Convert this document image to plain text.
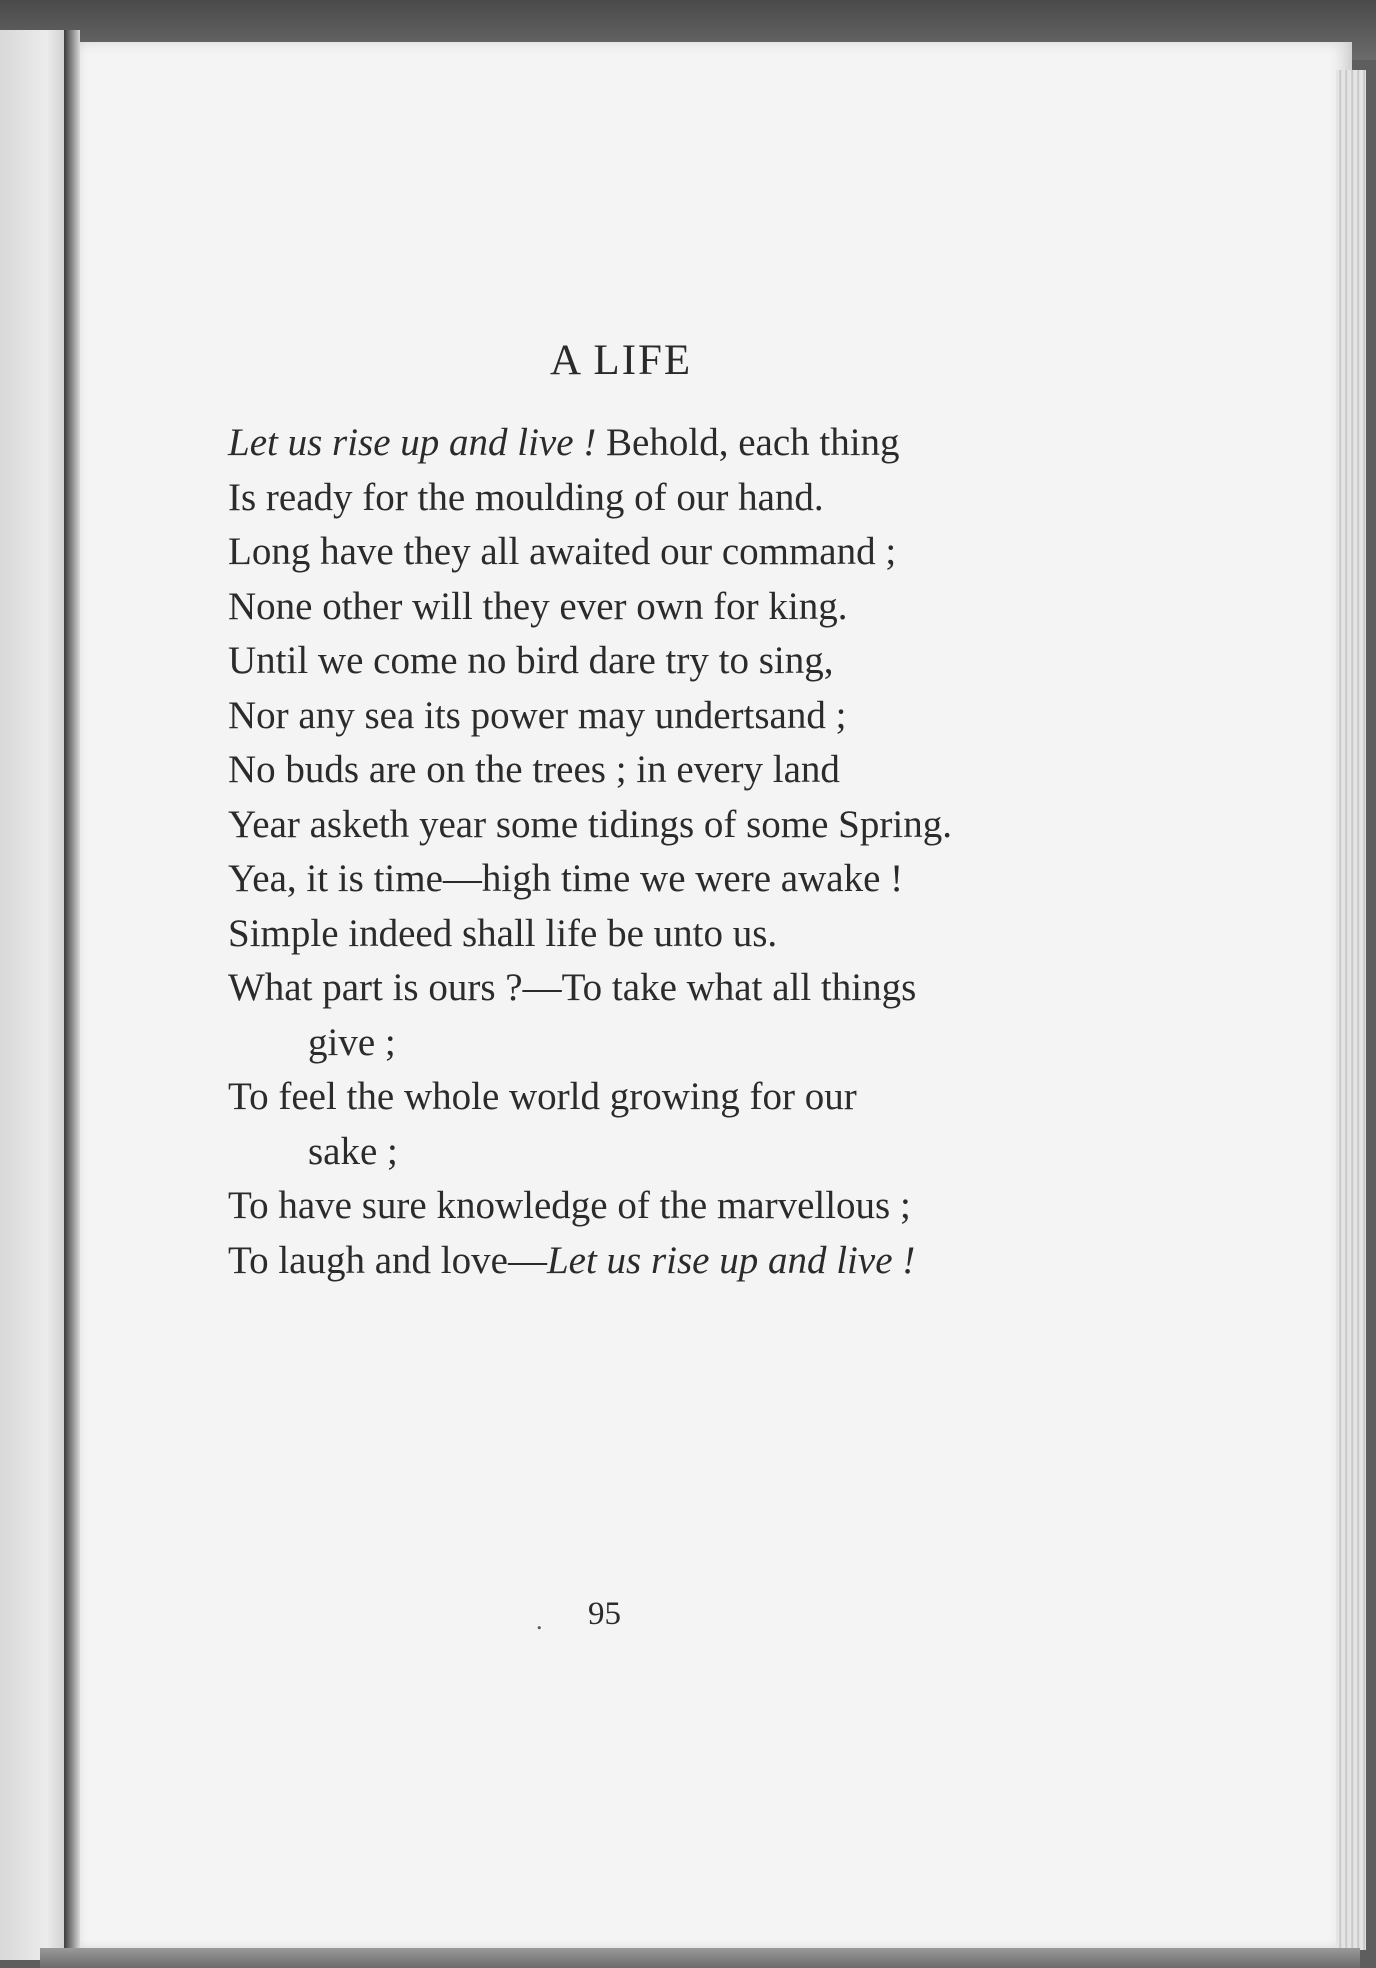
A LIFE
Let us rise up and live ! Behold, each thing
Is ready for the moulding of our hand.
Long have they all awaited our command ;
None other will they ever own for king.
Until we come no bird dare try to sing,
Nor any sea its power may undertsand ;
No buds are on the trees ; in every land
Year asketh year some tidings of some Spring.
Yea, it is time—high time we were awake !
Simple indeed shall life be unto us.
What part is ours ?—To take what all things
give ;
To feel the whole world growing for our
sake ;
To have sure knowledge of the marvellous ;
To laugh and love—Let us rise up and live !
. 95
